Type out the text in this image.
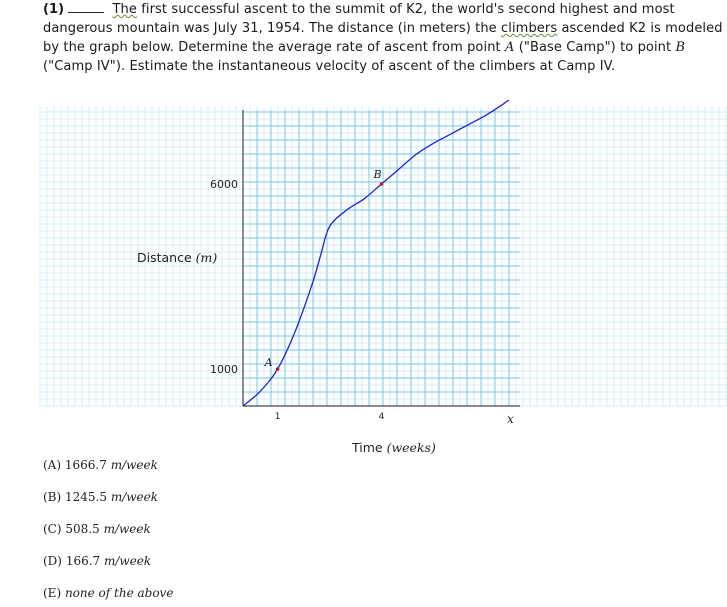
(1)	The first successful ascent to the summit of K2, the world's second highest and most dangerous mountain was July 31, 1954. The distance (in meters) the climbers ascended K2 is modeled by the graph below. Determine the average rate of ascent from point A ("Base Camp") to point B ("Camp IV"). Estimate the instantaneous velocity of ascent of the climbers at Camp IV.
1	4
1000
6000
A
B
Distance (m)
Time (weeks)
x
(A) 1666.7 m/week
(B) 1245.5 m/week
(C) 508.5 m/week
(D) 166.7 m/week
(E) none of the above
